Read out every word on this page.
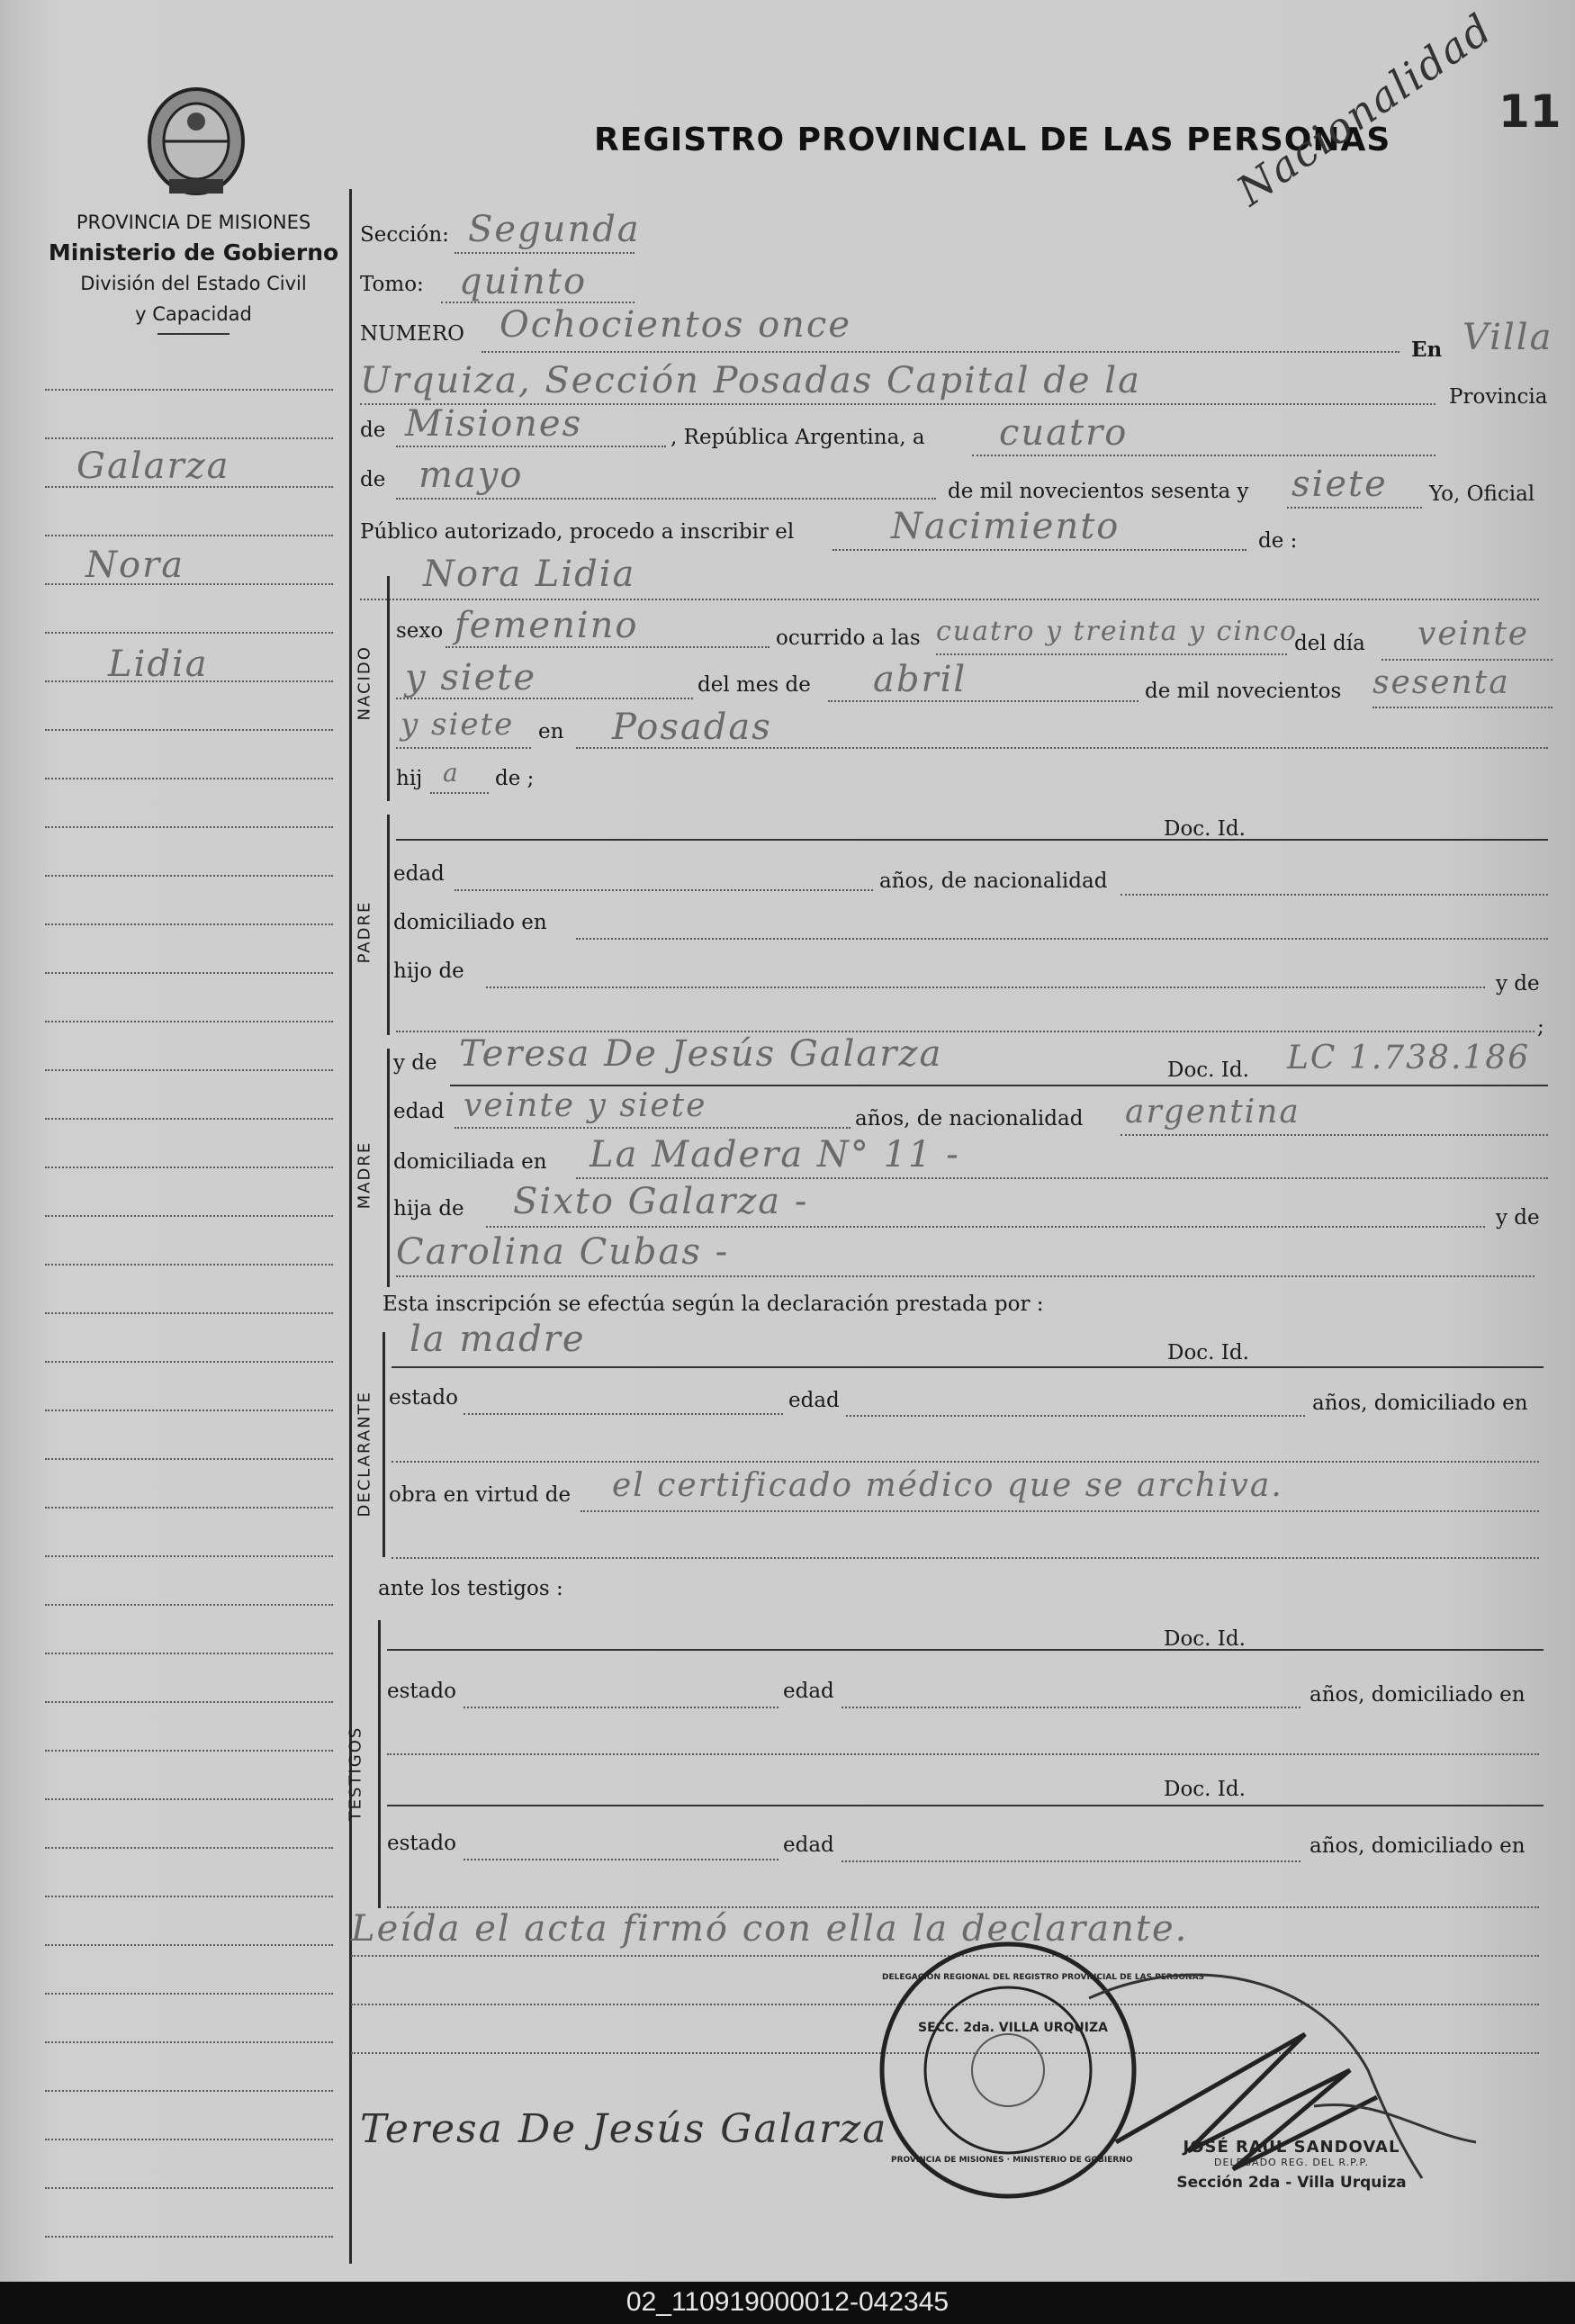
PROVINCIA DE MISIONES
Ministerio de Gobierno
División del Estado Civil
y Capacidad
REGISTRO PROVINCIAL DE LAS PERSONAS
11
Nacionalidad
Galarza
Nora
Lidia
Sección: Segunda
Tomo: quinto
NUMERO Ochocientos once
En Villa
Urquiza, Sección Posadas Capital de la	Provincia
de Misiones	, República Argentina, a cuatro
de mayo	de mil novecientos sesenta y siete Yo, Oficial
Público autorizado, procedo a inscribir el	Nacimiento	de :
Nora Lidia
NACIDO
sexo femenino	ocurrido a las cuatro y treinta y cinco
del día veinte
y siete	del mes de abril	de mil novecientos sesenta
y siete en Posadas
hij a de ;
PADRE
Doc. Id.
edad	años, de nacionalidad
domiciliado en
hijo de
y de
;
MADRE
y de Teresa De Jesús Galarza	Doc. Id. LC 1.738.186
edad veinte y siete	años, de nacionalidad argentina
domiciliada en La Madera N° 11 -
hija de Sixto Galarza -	y de
Carolina Cubas -
Esta inscripción se efectúa según la declaración prestada por :
DECLARANTE
la madre	Doc. Id.
estado	edad	años, domiciliado en
obra en virtud de el certificado médico que se archiva.
ante los testigos :
TESTIGOS
Doc. Id.
estado	edad	años, domiciliado en
Doc. Id.
estado	edad	años, domiciliado en
Leída el acta firmó con ella la declarante.
Teresa De Jesús Galarza
DELEGACIÓN REGIONAL DEL REGISTRO PROVINCIAL DE LAS PERSONAS
SECC. 2da. VILLA URQUIZA
PROVINCIA DE MISIONES · MINISTERIO DE GOBIERNO
JOSÉ RAÚL SANDOVAL
DELEGADO REG. DEL R.P.P.
Sección 2da - Villa Urquiza
02_110919000012-042345
